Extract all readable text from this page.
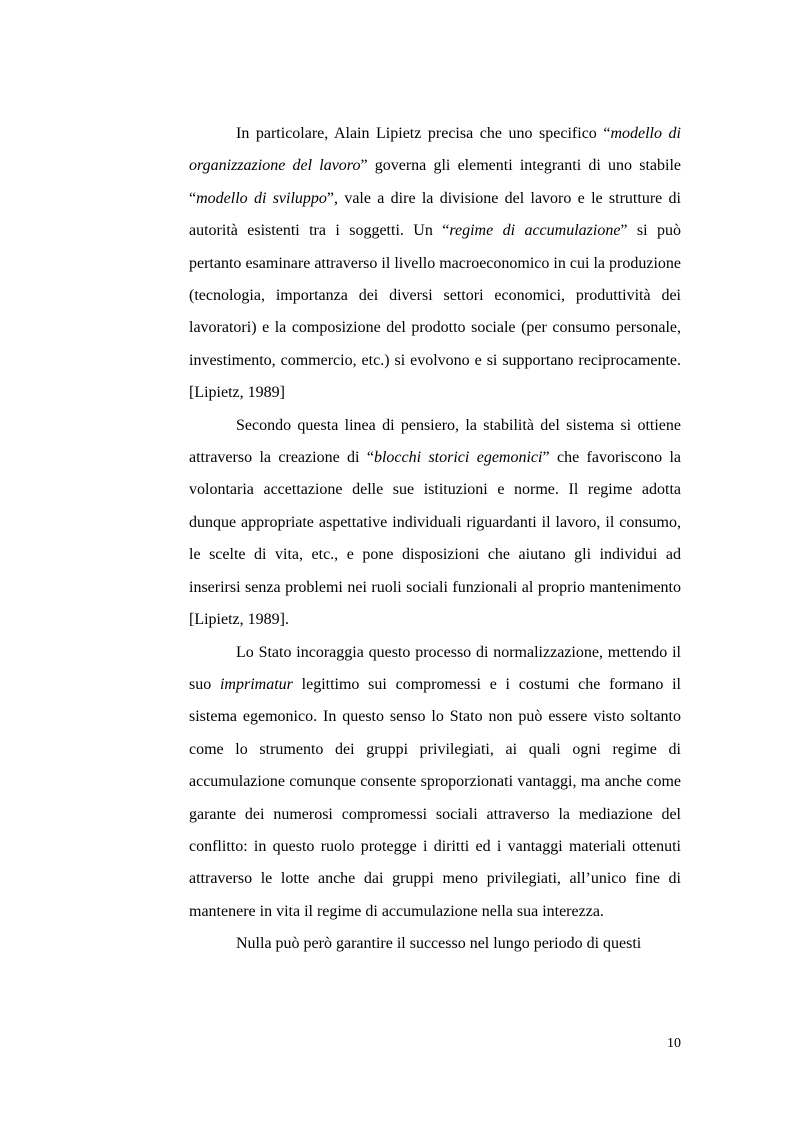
In particolare, Alain Lipietz precisa che uno specifico “modello di organizzazione del lavoro” governa gli elementi integranti di uno stabile “modello di sviluppo”, vale a dire la divisione del lavoro e le strutture di autorità esistenti tra i soggetti. Un “regime di accumulazione” si può pertanto esaminare attraverso il livello macroeconomico in cui la produzione (tecnologia, importanza dei diversi settori economici, produttività dei lavoratori) e la composizione del prodotto sociale (per consumo personale, investimento, commercio, etc.) si evolvono e si supportano reciprocamente.[Lipietz, 1989]

Secondo questa linea di pensiero, la stabilità del sistema si ottiene attraverso la creazione di “blocchi storici egemonici” che favoriscono la volontaria accettazione delle sue istituzioni e norme. Il regime adotta dunque appropriate aspettative individuali riguardanti il lavoro, il consumo, le scelte di vita, etc., e pone disposizioni che aiutano gli individui ad inserirsi senza problemi nei ruoli sociali funzionali al proprio mantenimento [Lipietz, 1989].

Lo Stato incoraggia questo processo di normalizzazione, mettendo il suo imprimatur legittimo sui compromessi e i costumi che formano il sistema egemonico. In questo senso lo Stato non può essere visto soltanto come lo strumento dei gruppi privilegiati, ai quali ogni regime di accumulazione comunque consente sproporzionati vantaggi, ma anche come garante dei numerosi compromessi sociali attraverso la mediazione del conflitto: in questo ruolo protegge i diritti ed i vantaggi materiali ottenuti attraverso le lotte anche dai gruppi meno privilegiati, all’unico fine di mantenere in vita il regime di accumulazione nella sua interezza.

Nulla può però garantire il successo nel lungo periodo di questi

10
